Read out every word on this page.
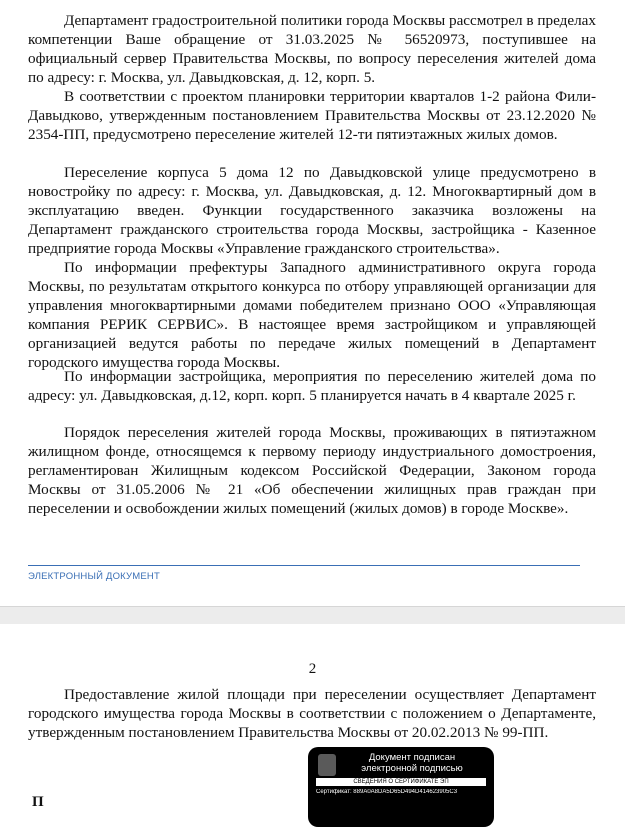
Департамент градостроительной политики города Москвы рассмотрел в пределах компетенции Ваше обращение от 31.03.2025 № 56520973, поступившее на официальный сервер Правительства Москвы, по вопросу переселения жителей дома по адресу: г. Москва, ул. Давыдковская, д. 12, корп. 5.

В соответствии с проектом планировки территории кварталов 1-2 района Фили-Давыдково, утвержденным постановлением Правительства Москвы от 23.12.2020 № 2354-ПП, предусмотрено переселение жителей 12-ти пятиэтажных жилых домов.

Переселение корпуса 5 дома 12 по Давыдковской улице предусмотрено в новостройку по адресу: г. Москва, ул. Давыдковская, д. 12. Многоквартирный дом в эксплуатацию введен. Функции государственного заказчика возложены на Департамент гражданского строительства города Москвы, застройщика - Казенное предприятие города Москвы «Управление гражданского строительства».

По информации префектуры Западного административного округа города Москвы, по результатам открытого конкурса по отбору управляющей организации для управления многоквартирными домами победителем признано ООО «Управляющая компания РЕРИК СЕРВИС». В настоящее время застройщиком и управляющей организацией ведутся работы по передаче жилых помещений в Департамент городского имущества города Москвы.

По информации застройщика, мероприятия по переселению жителей дома по адресу: ул. Давыдковская, д.12, корп. корп. 5 планируется начать в 4 квартале 2025 г.

Порядок переселения жителей города Москвы, проживающих в пятиэтажном жилищном фонде, относящемся к первому периоду индустриального домостроения, регламентирован Жилищным кодексом Российской Федерации, Законом города Москвы от 31.05.2006 № 21 «Об обеспечении жилищных прав граждан при переселении и освобождении жилых помещений (жилых домов) в городе Москве».

ЭЛЕКТРОННЫЙ ДОКУМЕНТ
2

Предоставление жилой площади при переселении осуществляет Департамент городского имущества города Москвы в соответствии с положением о Департаменте, утвержденным постановлением Правительства Москвы от 20.02.2013 № 99-ПП.

Документ подписан
электронной подписью
СВЕДЕНИЯ О СЕРТИФИКАТЕ ЭП
Сертификат: 889A0A8DA5D65D494D414623905C3
П
